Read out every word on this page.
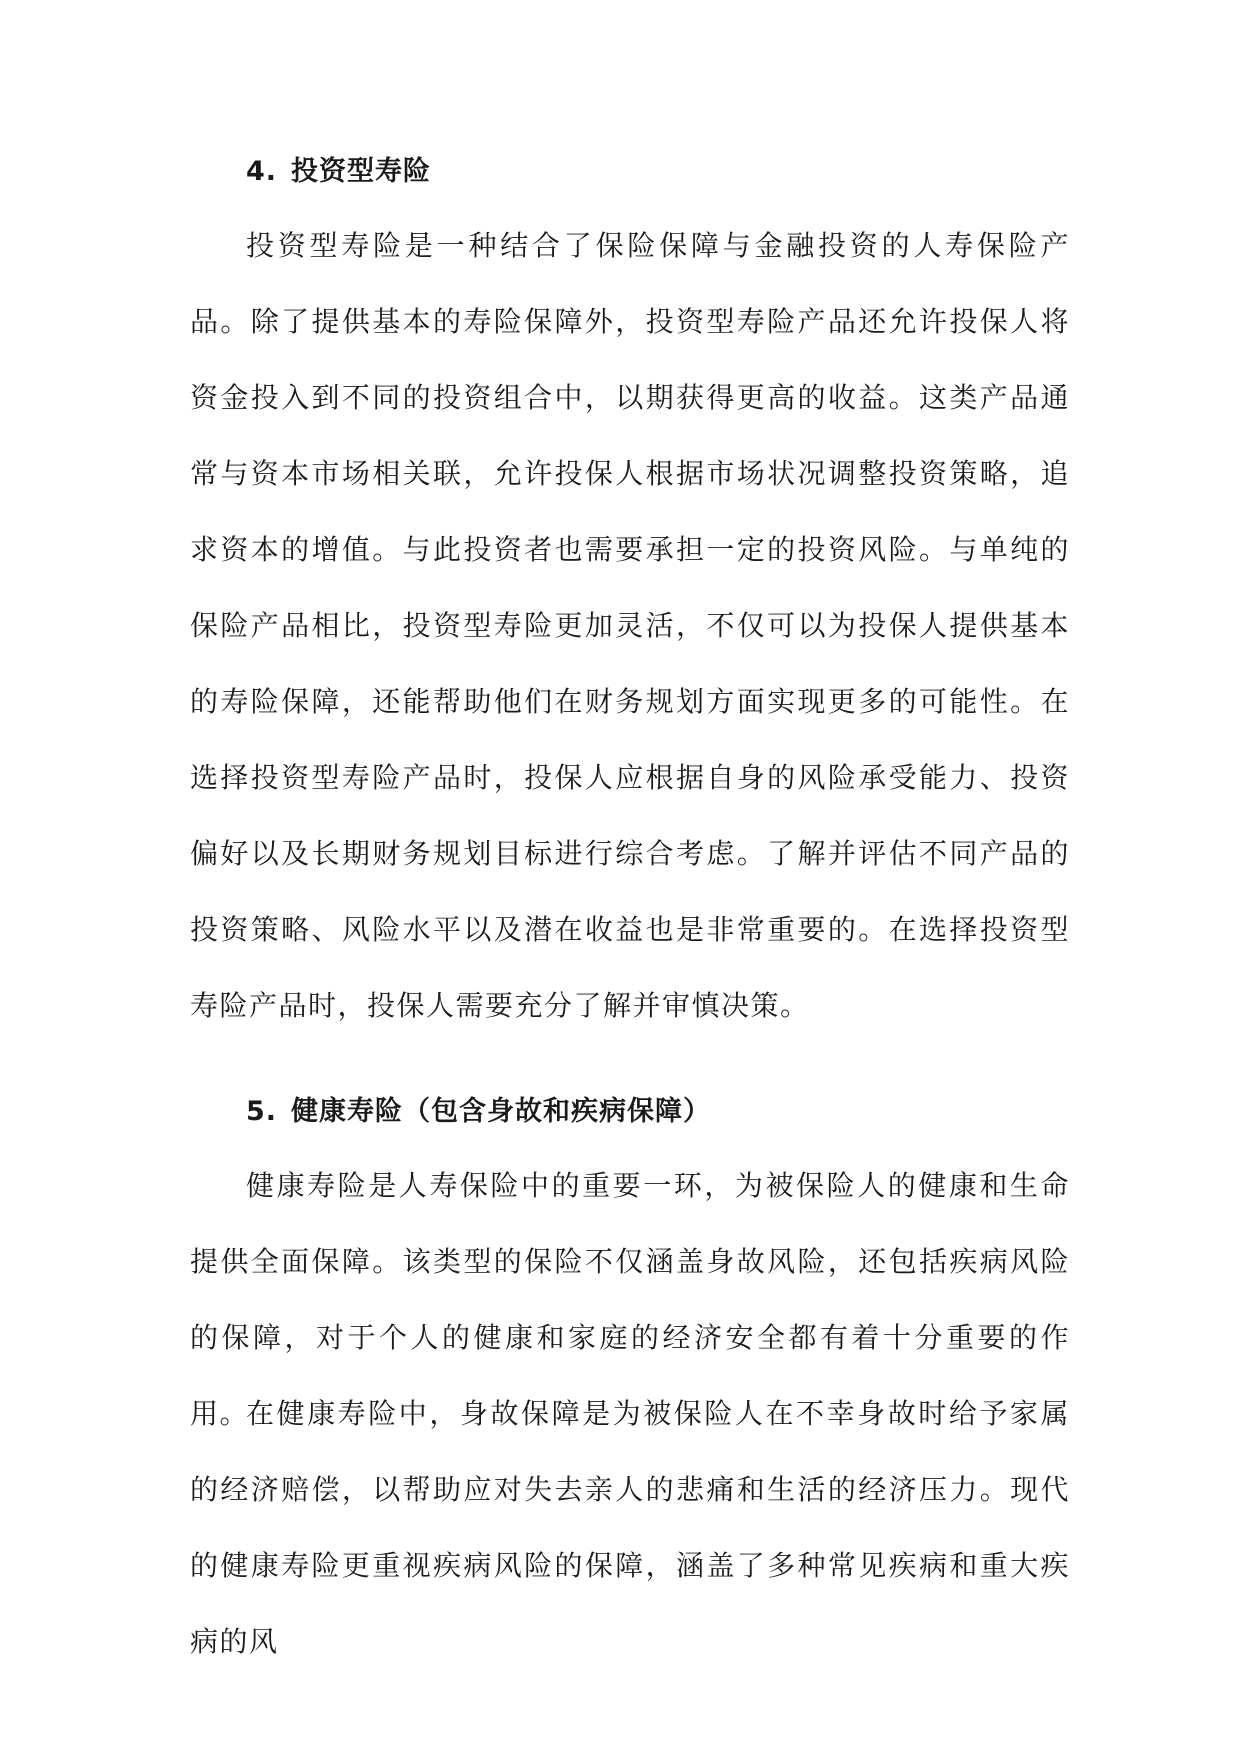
4. 投资型寿险

投资型寿险是一种结合了保险保障与金融投资的人寿保险产品。除了提供基本的寿险保障外，投资型寿险产品还允许投保人将资金投入到不同的投资组合中，以期获得更高的收益。这类产品通常与资本市场相关联，允许投保人根据市场状况调整投资策略，追求资本的增值。与此投资者也需要承担一定的投资风险。与单纯的保险产品相比，投资型寿险更加灵活，不仅可以为投保人提供基本的寿险保障，还能帮助他们在财务规划方面实现更多的可能性。在选择投资型寿险产品时，投保人应根据自身的风险承受能力、投资偏好以及长期财务规划目标进行综合考虑。了解并评估不同产品的投资策略、风险水平以及潜在收益也是非常重要的。在选择投资型寿险产品时，投保人需要充分了解并审慎决策。

5. 健康寿险（包含身故和疾病保障）

健康寿险是人寿保险中的重要一环，为被保险人的健康和生命提供全面保障。该类型的保险不仅涵盖身故风险，还包括疾病风险的保障，对于个人的健康和家庭的经济安全都有着十分重要的作用。

在健康寿险中，身故保障是为被保险人在不幸身故时给予家属的经济赔偿，以帮助应对失去亲人的悲痛和生活的经济压力。现代的健康寿险更重视疾病风险的保障，涵盖了多种常见疾病和重大疾病的风
